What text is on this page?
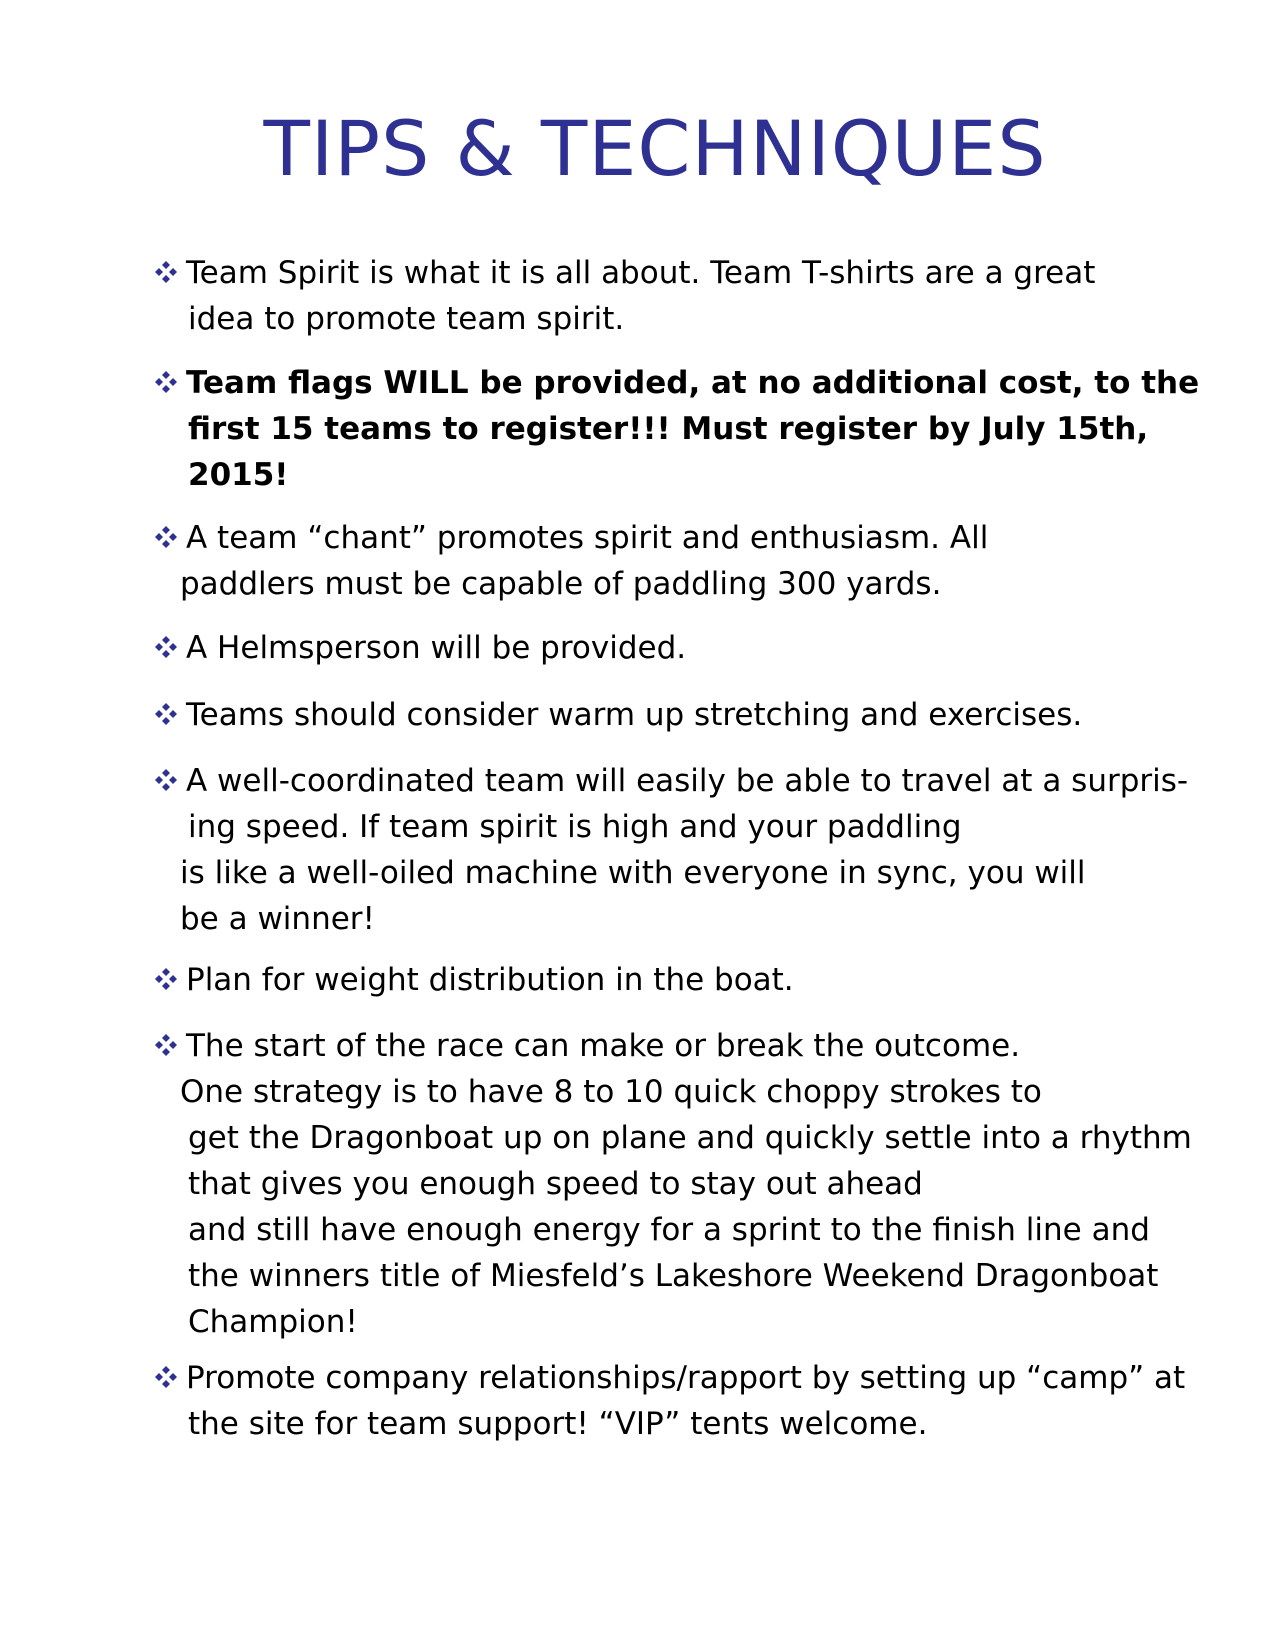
TIPS & TECHNIQUES
Team Spirit is what it is all about. Team T-shirts are a great
idea to promote team spirit.
Team flags WILL be provided, at no additional cost, to the
first 15 teams to register!!! Must register by July 15th,
2015!
A team “chant” promotes spirit and enthusiasm. All
paddlers must be capable of paddling 300 yards.
A Helmsperson will be provided.
Teams should consider warm up stretching and exercises.
A well-coordinated team will easily be able to travel at a surpris-
ing speed. If team spirit is high and your paddling
is like a well-oiled machine with everyone in sync, you will
be a winner!
Plan for weight distribution in the boat.
The start of the race can make or break the outcome.
One strategy is to have 8 to 10 quick choppy strokes to
get the Dragonboat up on plane and quickly settle into a rhythm
that gives you enough speed to stay out ahead
and still have enough energy for a sprint to the finish line and
the winners title of Miesfeld’s Lakeshore Weekend Dragonboat
Champion!
Promote company relationships/rapport by setting up “camp” at
the site for team support! “VIP” tents welcome.
